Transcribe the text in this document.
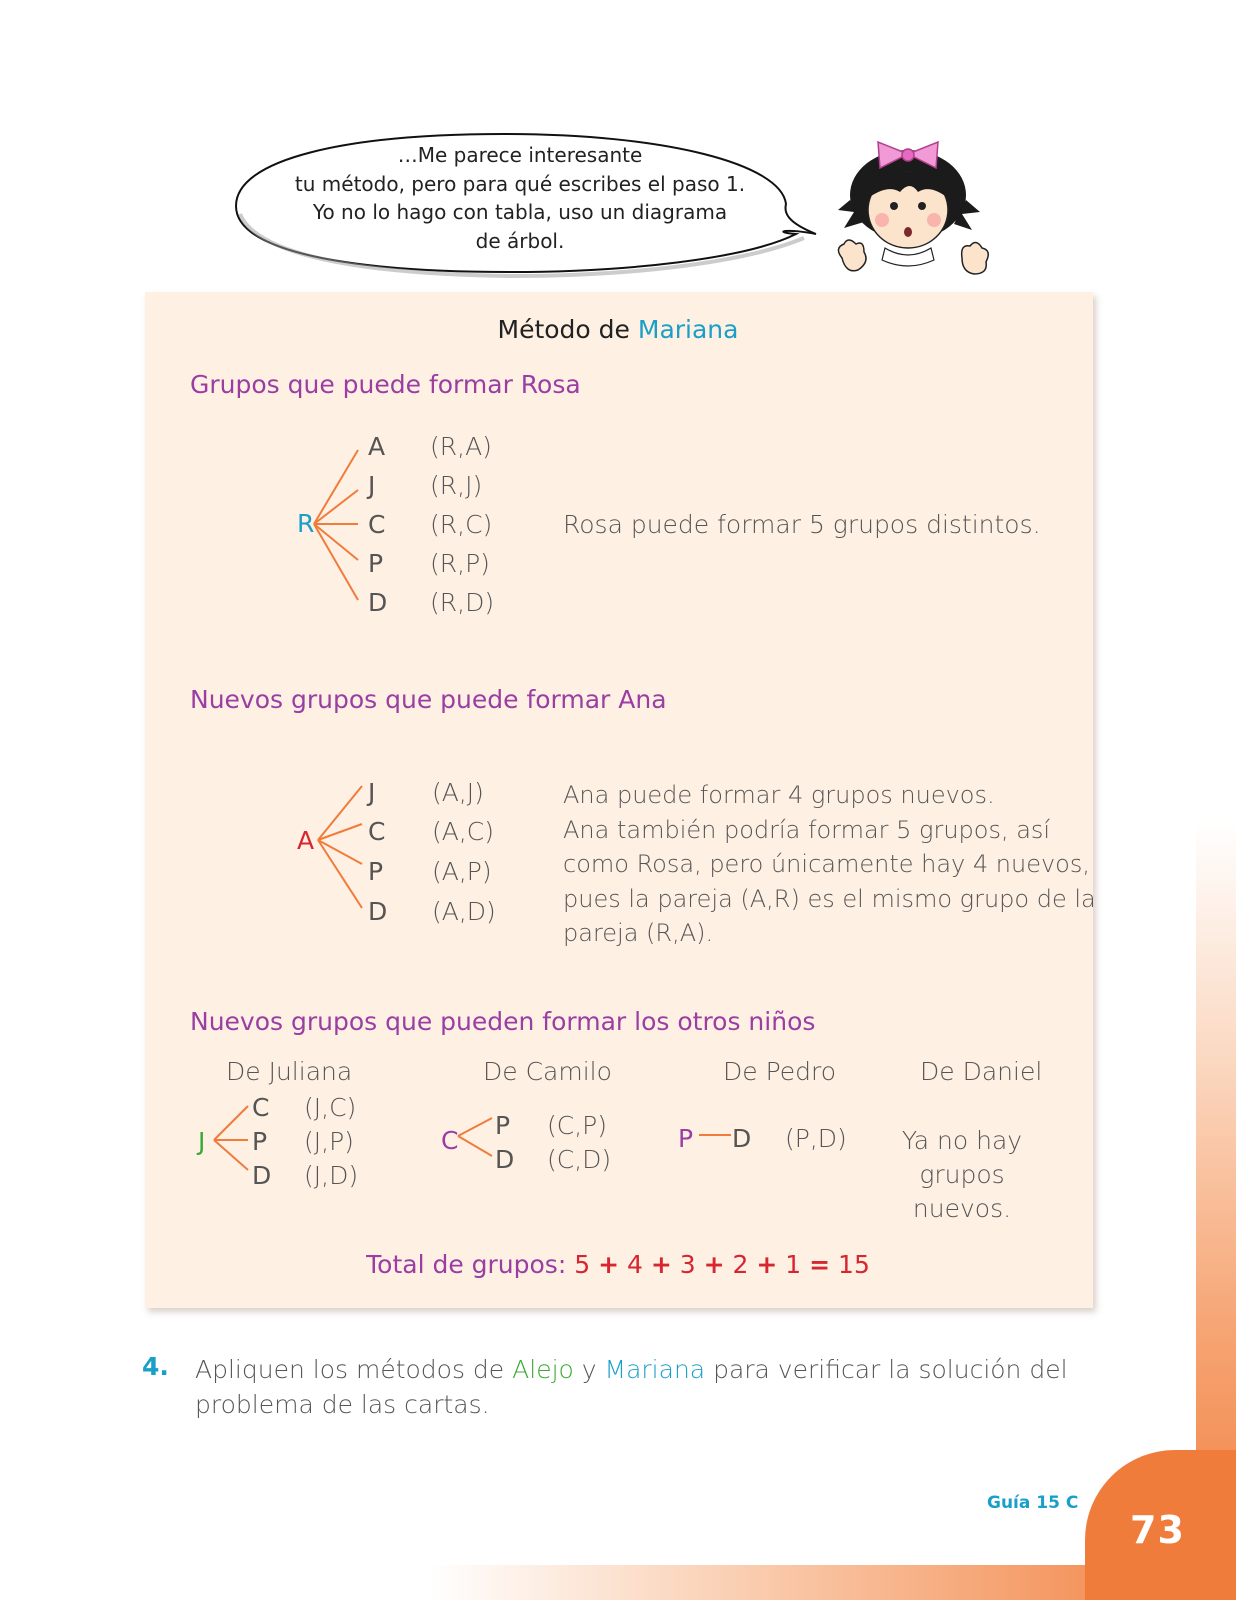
73
Guía 15 C
…Me parece interesante
tu método, pero para qué escribes el paso 1.
Yo no lo hago con tabla, uso un diagrama
de árbol.
Método de Mariana
Grupos que puede formar Rosa
R
A
J
C
P
D
(R,A)
(R,J)
(R,C)
(R,P)
(R,D)
Rosa puede formar 5 grupos distintos.
Nuevos grupos que puede formar Ana
A
J
C
P
D
(A,J)
(A,C)
(A,P)
(A,D)
Ana puede formar 4 grupos nuevos.
Ana también podría formar 5 grupos, así
como Rosa, pero únicamente hay 4 nuevos,
pues la pareja (A,R) es el mismo grupo de la
pareja (R,A).
Nuevos grupos que pueden formar los otros niños
De Juliana	De Camilo	De Pedro	De Daniel
J
C
P
D
(J,C)
(J,P)
(J,D)
C
P
D
(C,P)
(C,D)
P D (P,D)	Ya no hay grupos
nuevos.
Total de grupos: 5 + 4 + 3 + 2 + 1 = 15
4. Apliquen los métodos de Alejo y Mariana para verificar la solución del
problema de las cartas.
